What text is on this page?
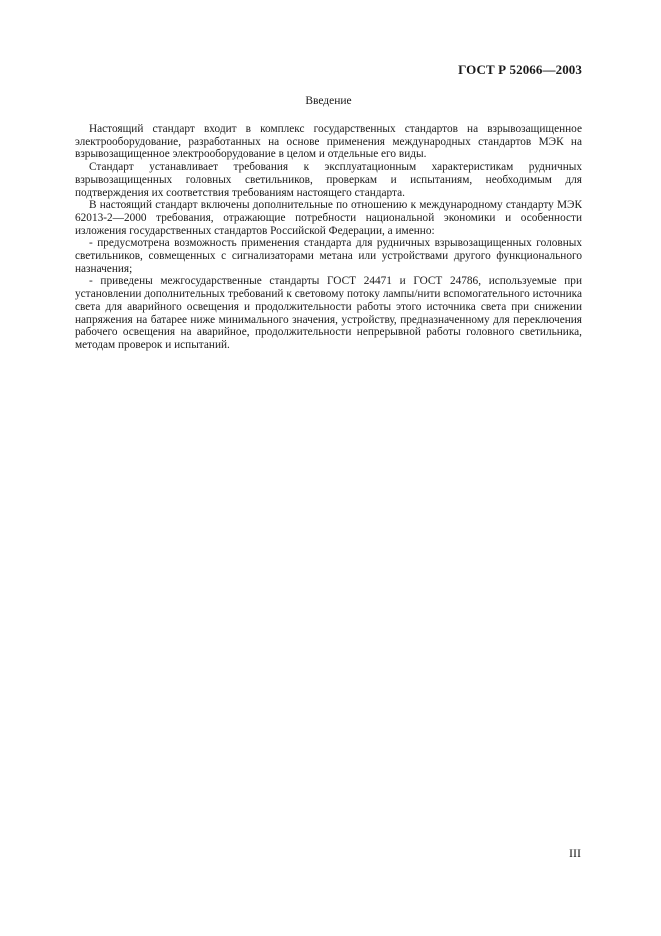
ГОСТ Р 52066—2003
Введение

Настоящий стандарт входит в комплекс государственных стандартов на взрывозащищенное электрооборудование, разработанных на основе применения международных стандартов МЭК на взрывозащищенное электрооборудование в целом и отдельные его виды.

Стандарт устанавливает требования к эксплуатационным характеристикам рудничных взрывозащищенных головных светильников, проверкам и испытаниям, необходимым для подтверждения их соответствия требованиям настоящего стандарта.

В настоящий стандарт включены дополнительные по отношению к международному стандарту МЭК 62013-2—2000 требования, отражающие потребности национальной экономики и особенности изложения государственных стандартов Российской Федерации, а именно:

- предусмотрена возможность применения стандарта для рудничных взрывозащищенных головных светильников, совмещенных с сигнализаторами метана или устройствами другого функционального назначения;

- приведены межгосударственные стандарты ГОСТ 24471 и ГОСТ 24786, используемые при установлении дополнительных требований к световому потоку лампы/нити вспомогательного источника света для аварийного освещения и продолжительности работы этого источника света при снижении напряжения на батарее ниже минимального значения, устройству, предназначенному для переключения рабочего освещения на аварийное, продолжительности непрерывной работы головного светильника, методам проверок и испытаний.

III
